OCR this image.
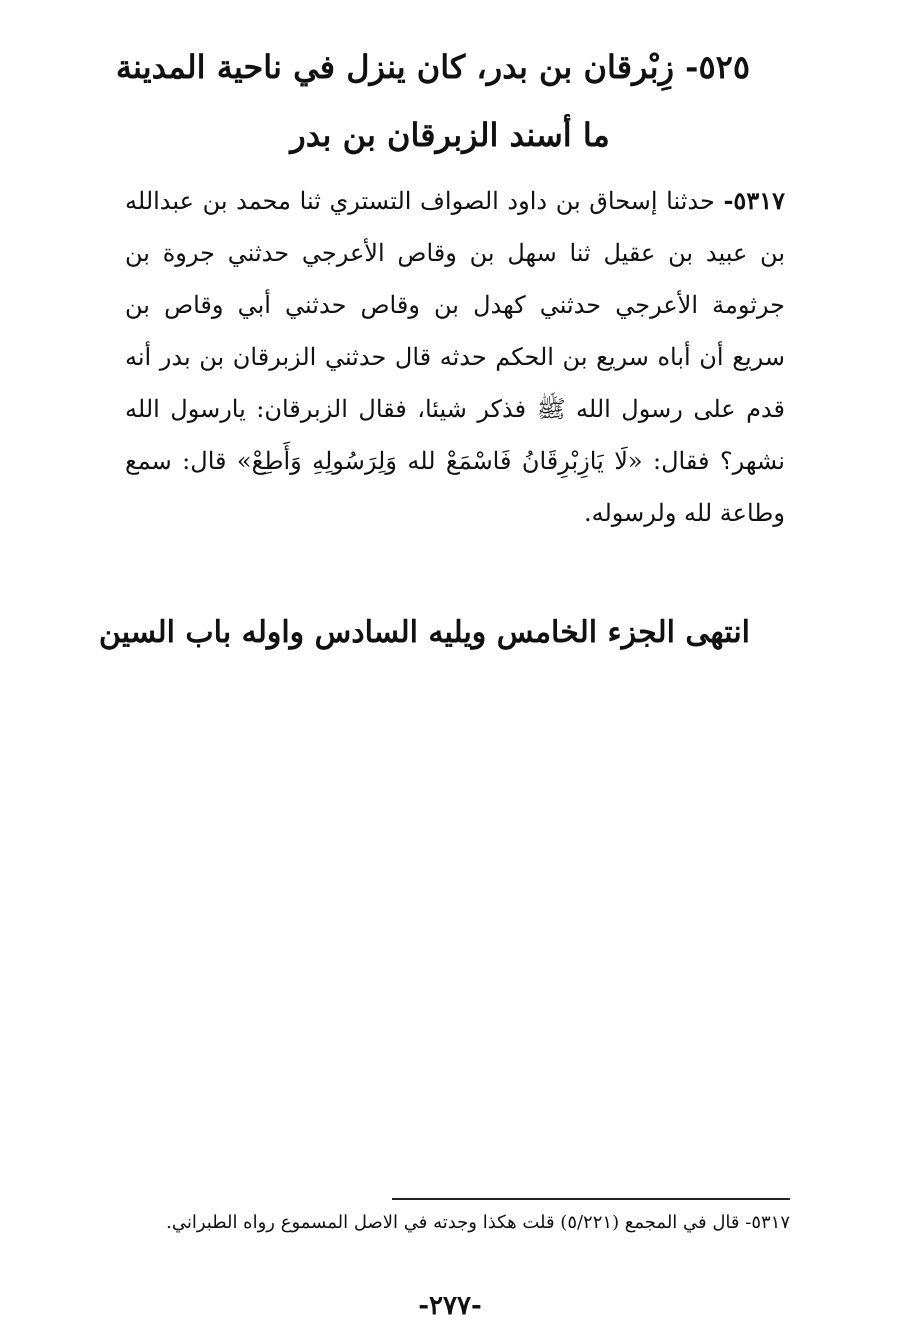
٥٢٥- زِبْرقان بن بدر، كان ينزل في ناحية المدينة
ما أسند الزبرقان بن بدر
٥٣١٧- حدثنا إسحاق بن داود الصواف التستري ثنا محمد بن عبدالله بن عبيد بن عقيل ثنا سهل بن وقاص الأعرجي حدثني جروة بن جرثومة الأعرجي حدثني كهدل بن وقاص حدثني أبي وقاص بن سريع أن أباه سريع بن الحكم حدثه قال حدثني الزبرقان بن بدر أنه قدم على رسول الله ﷺ فذكر شيئا، فقال الزبرقان: يارسول الله نشهر؟ فقال: «لَا يَازِبْرِقَانُ فَاسْمَعْ لله وَلِرَسُولِهِ وَأَطِعْ» قال: سمع وطاعة لله ولرسوله.
انتهى الجزء الخامس ويليه السادس واوله باب السين
٥٣١٧- قال في المجمع (٥/٢٢١) قلت هكذا وجدته في الاصل المسموع رواه الطبراني.
-٢٧٧-
